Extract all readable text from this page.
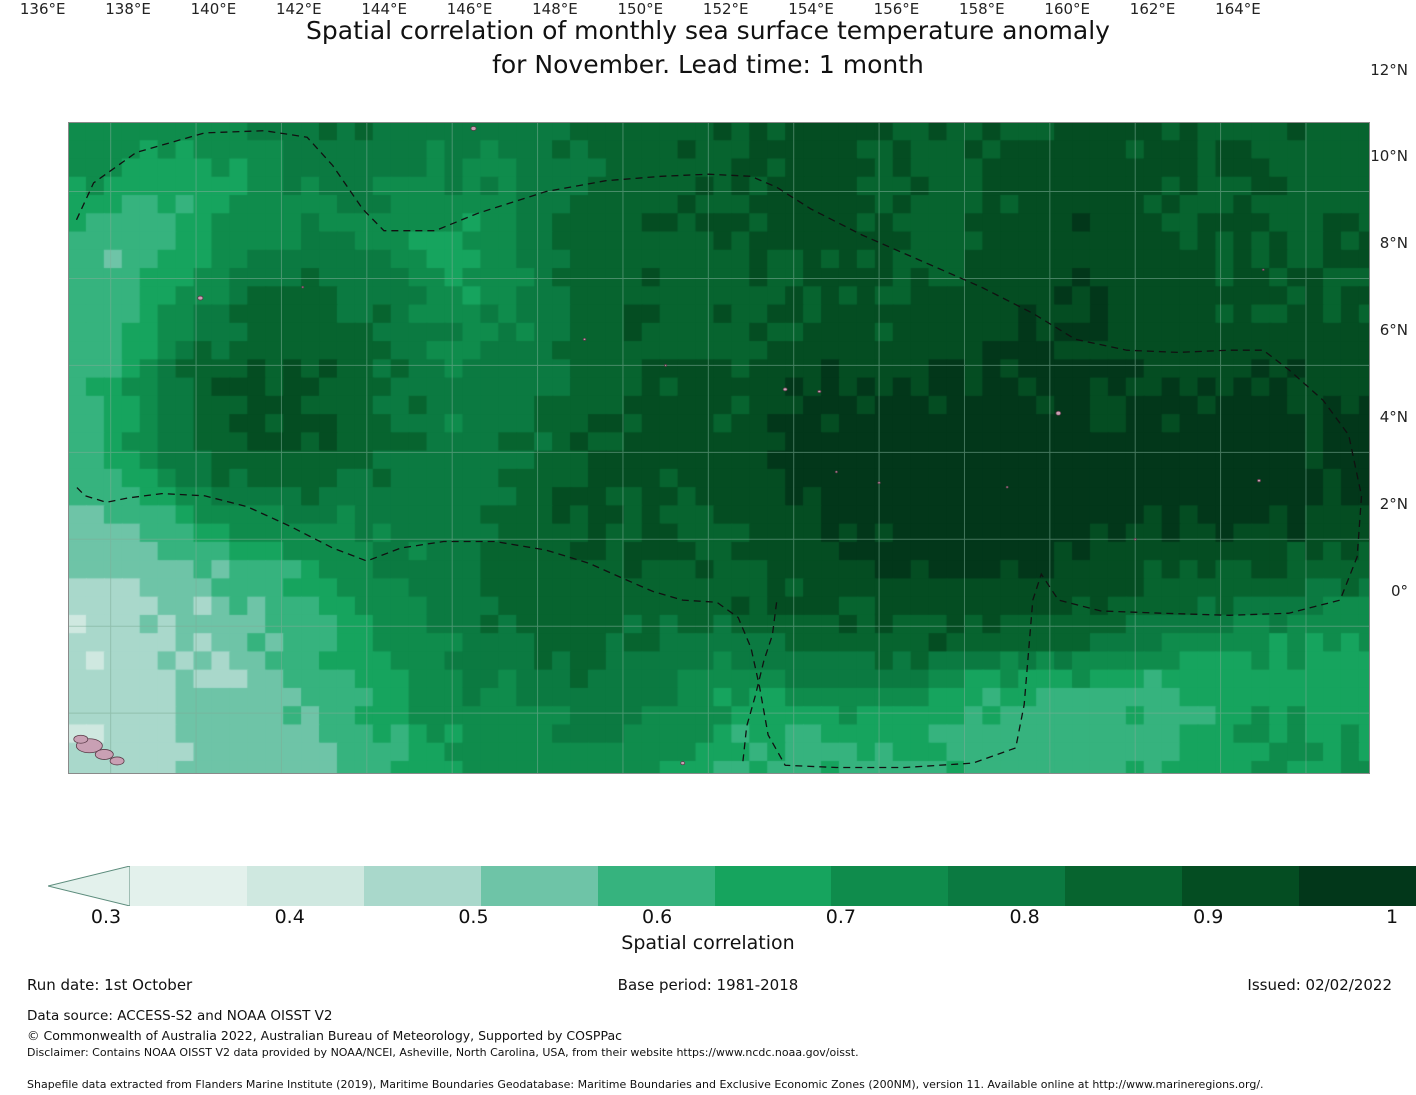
Spatial correlation of monthly sea surface temperature anomaly
for November. Lead time: 1 month	12°N
10°N
8°N
6°N
4°N
2°N
0°
136°E	138°E	140°E	142°E	144°E	146°E	148°E	150°E	152°E	154°E	156°E	158°E	160°E	162°E	164°E
0.3	0.4	0.5	0.6	0.7	0.8	0.9	1
Spatial correlation
Run date: 1st October	Base period: 1981-2018	Issued: 02/02/2022
Data source: ACCESS-S2 and NOAA OISST V2
© Commonwealth of Australia 2022, Australian Bureau of Meteorology, Supported by COSPPac
Disclaimer: Contains NOAA OISST V2 data provided by NOAA/NCEI, Asheville, North Carolina, USA, from their website https://www.ncdc.noaa.gov/oisst.
Shapefile data extracted from Flanders Marine Institute (2019), Maritime Boundaries Geodatabase: Maritime Boundaries and Exclusive Economic Zones (200NM), version 11. Available online at http://www.marineregions.org/.
